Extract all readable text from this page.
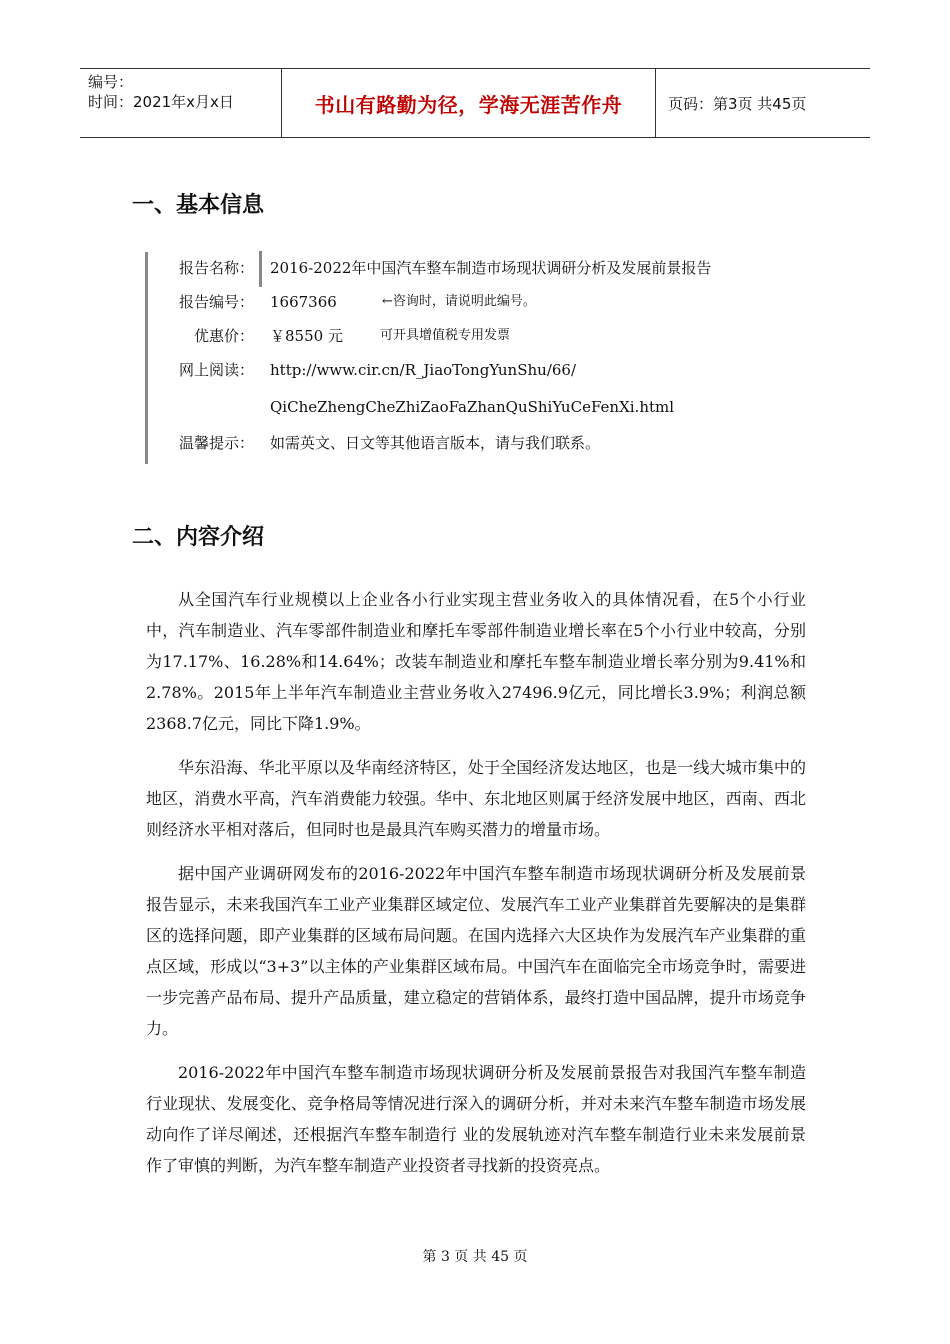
编号：
时间：2021年x月x日	书山有路勤为径，学海无涯苦作舟	页码：第3页 共45页
一、基本信息
报告名称： 2016-2022年中国汽车整车制造市场现状调研分析及发展前景报告
报告编号： 1667366	←咨询时，请说明此编号。
优惠价： ￥8550 元	可开具增值税专用发票
网上阅读： http://www.cir.cn/R_JiaoTongYunShu/66/
QiCheZhengCheZhiZaoFaZhanQuShiYuCeFenXi.html
温馨提示： 如需英文、日文等其他语言版本，请与我们联系。
二、内容介绍

从全国汽车行业规模以上企业各小行业实现主营业务收入的具体情况看，在5个小行业中，汽车制造业、汽车零部件制造业和摩托车零部件制造业增长率在5个小行业中较高，分别为17.17%、16.28%和14.64%；改装车制造业和摩托车整车制造业增长率分别为9.41%和2.78%。2015年上半年汽车制造业主营业务收入27496.9亿元，同比增长3.9%；利润总额2368.7亿元，同比下降1.9%。

华东沿海、华北平原以及华南经济特区，处于全国经济发达地区，也是一线大城市集中的地区，消费水平高，汽车消费能力较强。华中、东北地区则属于经济发展中地区，西南、西北则经济水平相对落后，但同时也是最具汽车购买潜力的增量市场。

据中国产业调研网发布的2016-2022年中国汽车整车制造市场现状调研分析及发展前景报告显示，未来我国汽车工业产业集群区域定位、发展汽车工业产业集群首先要解决的是集群区的选择问题，即产业集群的区域布局问题。在国内选择六大区块作为发展汽车产业集群的重点区域，形成以“3+3”以主体的产业集群区域布局。中国汽车在面临完全市场竞争时，需要进一步完善产品布局、提升产品质量，建立稳定的营销体系，最终打造中国品牌，提升市场竞争力。

2016-2022年中国汽车整车制造市场现状调研分析及发展前景报告对我国汽车整车制造行业现状、发展变化、竞争格局等情况进行深入的调研分析，并对未来汽车整车制造市场发展动向作了详尽阐述，还根据汽车整车制造行 业的发展轨迹对汽车整车制造行业未来发展前景作了审慎的判断，为汽车整车制造产业投资者寻找新的投资亮点。

第 3 页 共 45 页
